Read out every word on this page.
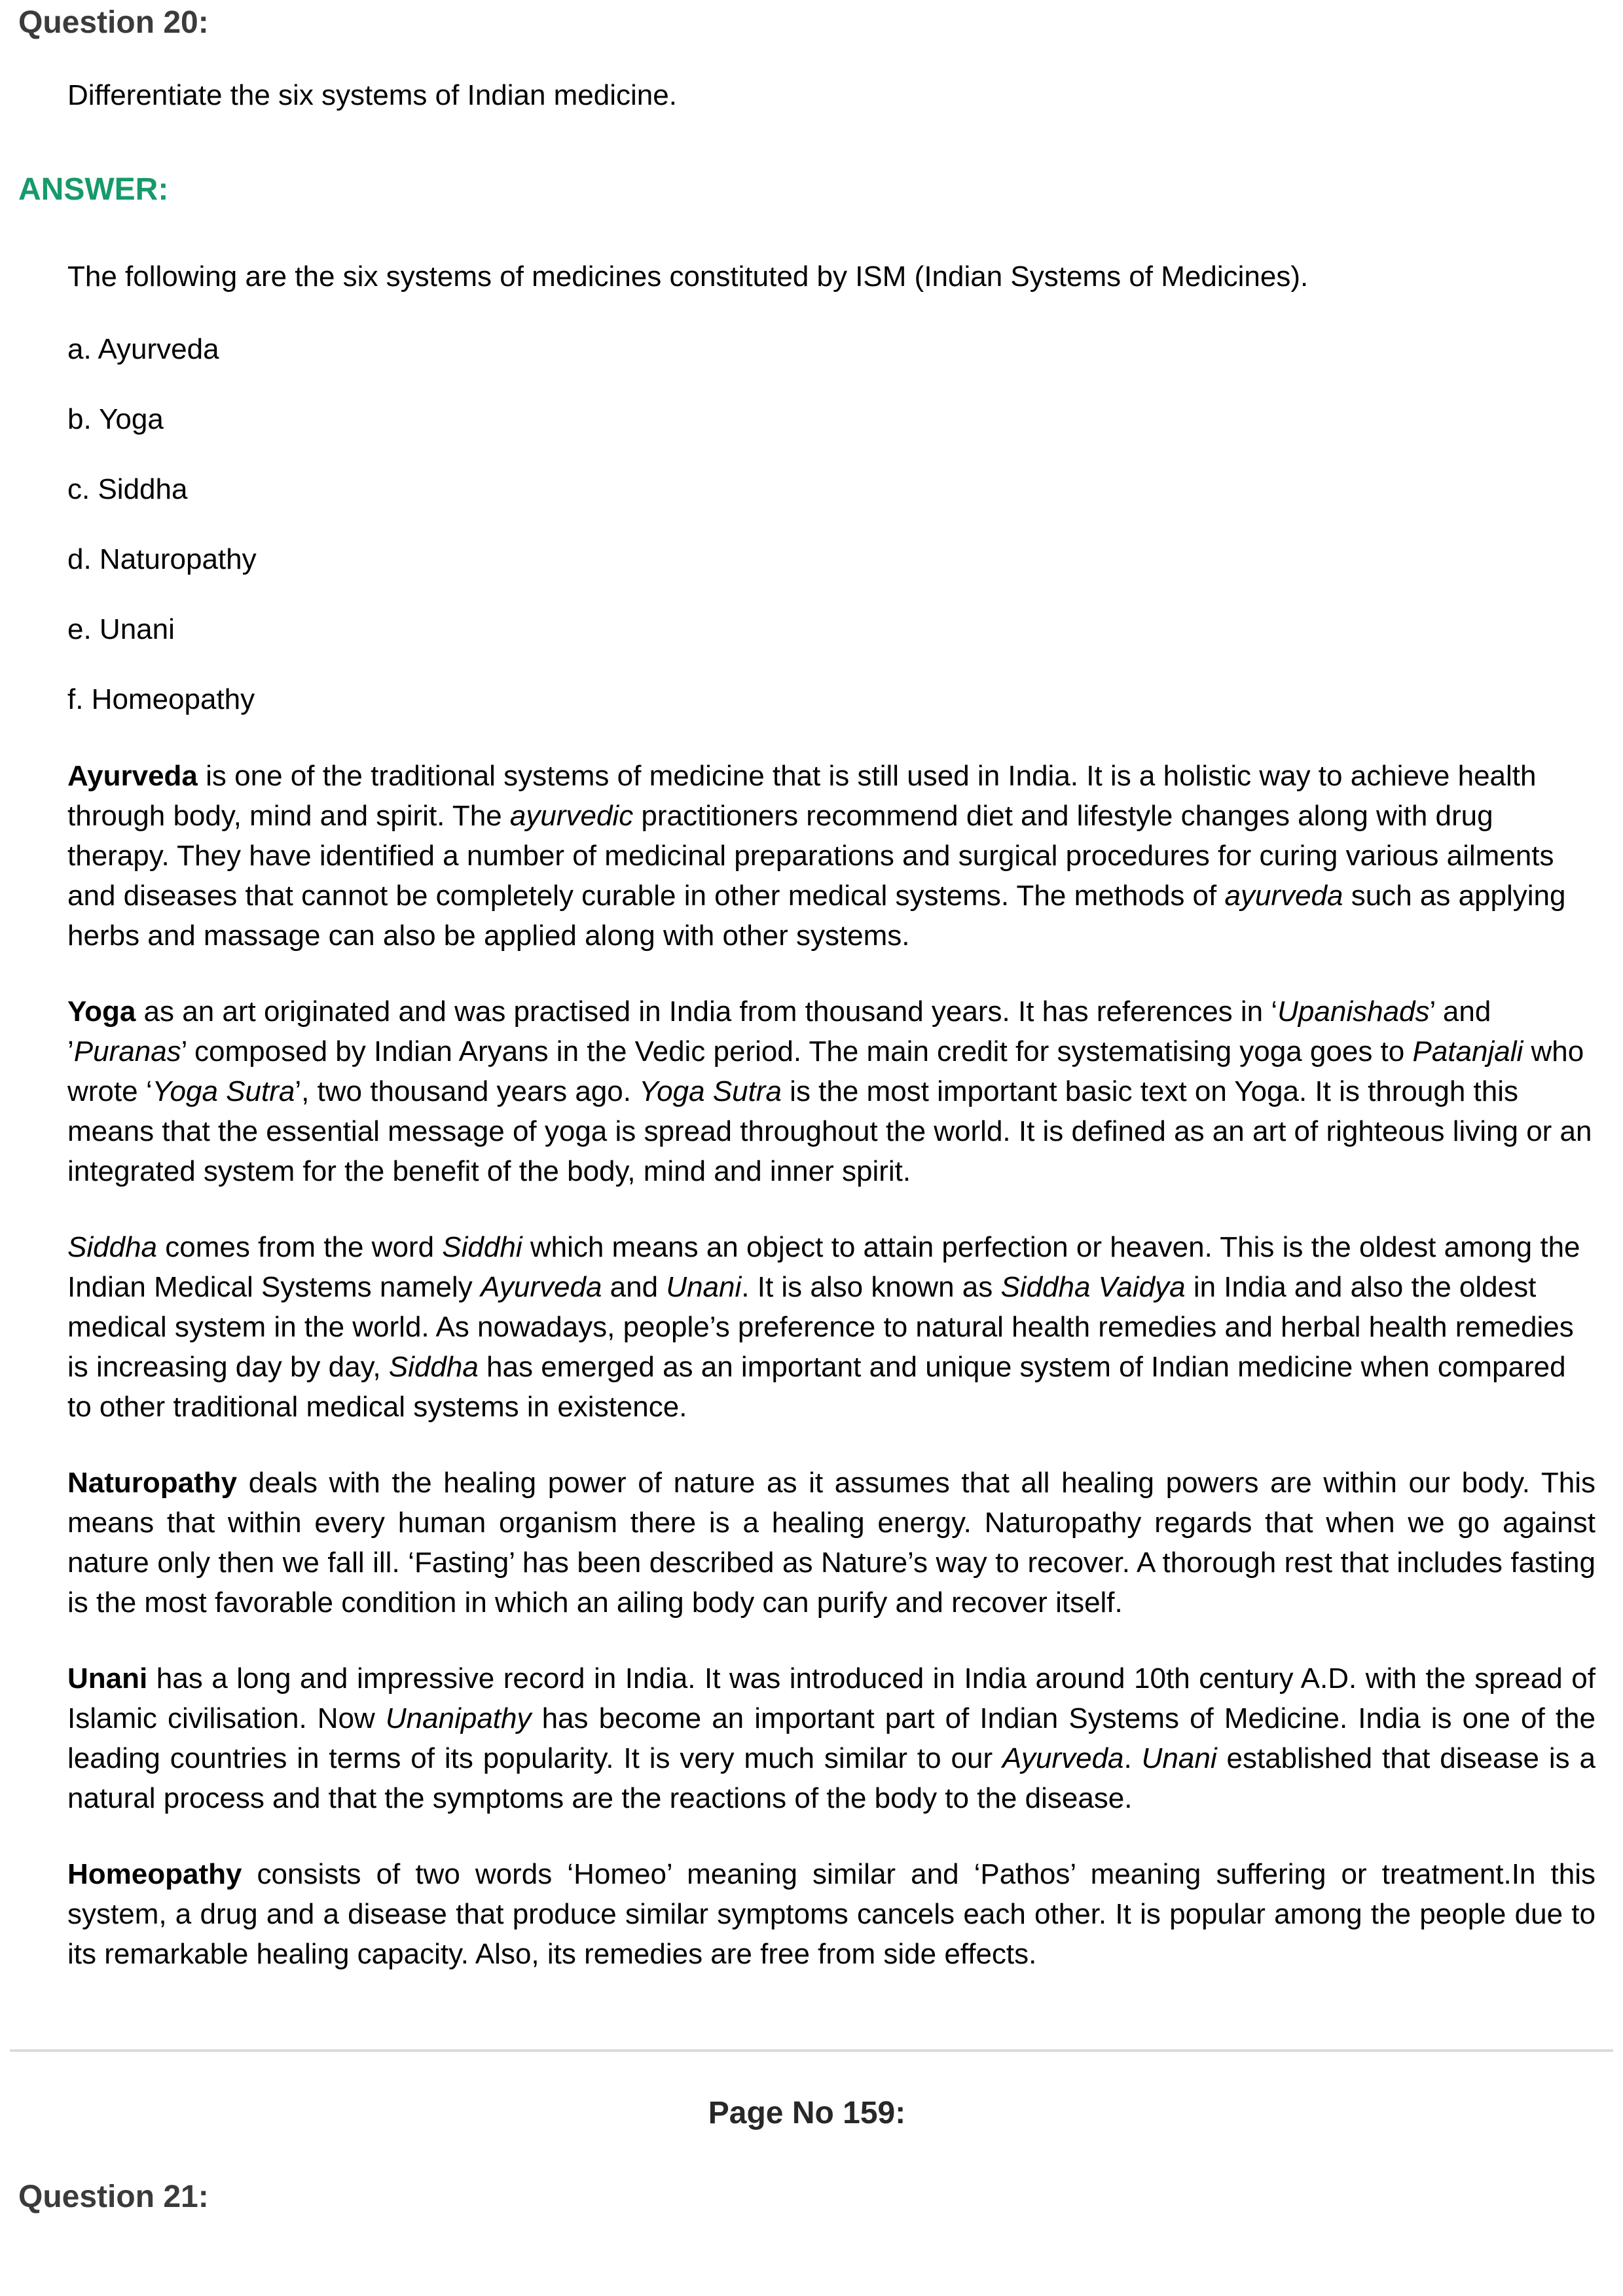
Question 20:
Differentiate the six systems of Indian medicine.
ANSWER:
The following are the six systems of medicines constituted by ISM (Indian Systems of Medicines).
a. Ayurveda
b. Yoga
c. Siddha
d. Naturopathy
e. Unani
f. Homeopathy

Ayurveda is one of the traditional systems of medicine that is still used in India. It is a holistic way to achieve health through body, mind and spirit. The ayurvedic practitioners recommend diet and lifestyle changes along with drug therapy. They have identified a number of medicinal preparations and surgical procedures for curing various ailments and diseases that cannot be completely curable in other medical systems. The methods of ayurveda such as applying herbs and massage can also be applied along with other systems.

Yoga as an art originated and was practised in India from thousand years. It has references in ‘Upanishads’ and ’Puranas’ composed by Indian Aryans in the Vedic period. The main credit for systematising yoga goes to Patanjali who wrote ‘Yoga Sutra’, two thousand years ago. Yoga Sutra is the most important basic text on Yoga. It is through this means that the essential message of yoga is spread throughout the world. It is defined as an art of righteous living or an integrated system for the benefit of the body, mind and inner spirit.

Siddha comes from the word Siddhi which means an object to attain perfection or heaven. This is the oldest among the Indian Medical Systems namely Ayurveda and Unani. It is also known as Siddha Vaidya in India and also the oldest medical system in the world. As nowadays, people’s preference to natural health remedies and herbal health remedies is increasing day by day, Siddha has emerged as an important and unique system of Indian medicine when compared to other traditional medical systems in existence.

Naturopathy deals with the healing power of nature as it assumes that all healing powers are within our body. This means that within every human organism there is a healing energy. Naturopathy regards that when we go against nature only then we fall ill. ‘Fasting’ has been described as Nature’s way to recover. A thorough rest that includes fasting is the most favorable condition in which an ailing body can purify and recover itself.

Unani has a long and impressive record in India. It was introduced in India around 10th century A.D. with the spread of Islamic civilisation. Now Unanipathy has become an important part of Indian Systems of Medicine. India is one of the leading countries in terms of its popularity. It is very much similar to our Ayurveda. Unani established that disease is a natural process and that the symptoms are the reactions of the body to the disease.

Homeopathy consists of two words ‘Homeo’ meaning similar and ‘Pathos’ meaning suffering or treatment.In this system, a drug and a disease that produce similar symptoms cancels each other. It is popular among the people due to its remarkable healing capacity. Also, its remedies are free from side effects.

Page No 159:
Question 21:
